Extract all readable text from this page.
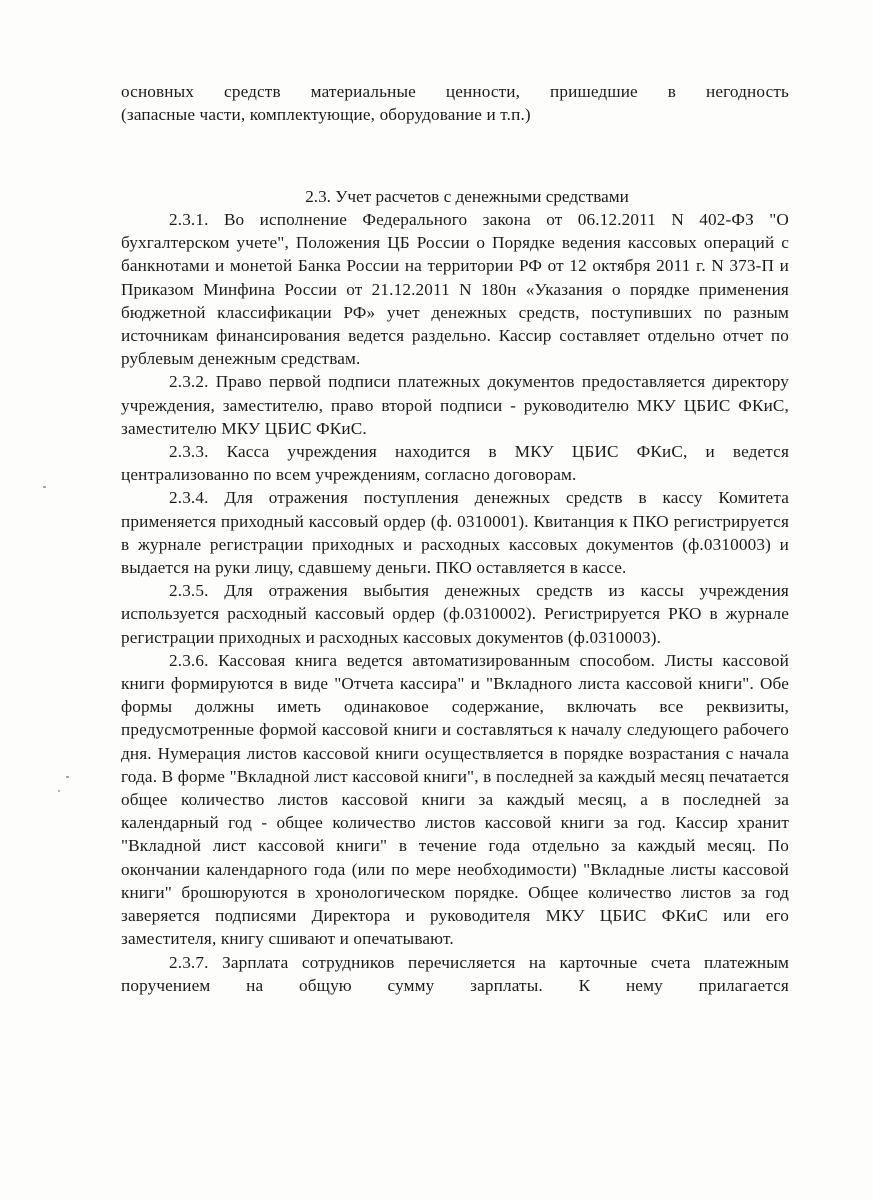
основных средств материальные ценности, пришедшие в негодность

(запасные части, комплектующие, оборудование и т.п.)

2.3. Учет расчетов с денежными средствами

2.3.1. Во исполнение Федерального закона от 06.12.2011 N 402-ФЗ "О бухгалтерском учете", Положения ЦБ России о Порядке ведения кассовых операций с банкнотами и монетой Банка России на территории РФ от 12 октября 2011 г. N 373-П и Приказом Минфина России от 21.12.2011 N 180н «Указания о порядке применения бюджетной классификации РФ» учет денежных средств, поступивших по разным источникам финансирования ведется раздельно. Кассир составляет отдельно отчет по рублевым денежным средствам.

2.3.2. Право первой подписи платежных документов предоставляется директору учреждения, заместителю, право второй подписи - руководителю МКУ ЦБИС ФКиС, заместителю МКУ ЦБИС ФКиС.

2.3.3. Касса учреждения находится в МКУ ЦБИС ФКиС, и ведется централизованно по всем учреждениям, согласно договорам.

2.3.4. Для отражения поступления денежных средств в кассу Комитета применяется приходный кассовый ордер (ф. 0310001). Квитанция к ПКО регистрируется в журнале регистрации приходных и расходных кассовых документов (ф.0310003) и выдается на руки лицу, сдавшему деньги. ПКО оставляется в кассе.

2.3.5. Для отражения выбытия денежных средств из кассы учреждения используется расходный кассовый ордер (ф.0310002). Регистрируется РКО в журнале регистрации приходных и расходных кассовых документов (ф.0310003).

2.3.6. Кассовая книга ведется автоматизированным способом. Листы кассовой книги формируются в виде "Отчета кассира" и "Вкладного листа кассовой книги". Обе формы должны иметь одинаковое содержание, включать все реквизиты, предусмотренные формой кассовой книги и составляться к началу следующего рабочего дня. Нумерация листов кассовой книги осуществляется в порядке возрастания с начала года. В форме "Вкладной лист кассовой книги", в последней за каждый месяц печатается общее количество листов кассовой книги за каждый месяц, а в последней за календарный год - общее количество листов кассовой книги за год. Кассир хранит "Вкладной лист кассовой книги" в течение года отдельно за каждый месяц. По окончании календарного года (или по мере необходимости) "Вкладные листы кассовой книги" брошюруются в хронологическом порядке. Общее количество листов за год заверяется подписями Директора и руководителя МКУ ЦБИС ФКиС или его заместителя, книгу сшивают и опечатывают.

2.3.7. Зарплата сотрудников перечисляется на карточные счета платежным поручением на общую сумму зарплаты. К нему прилагается
